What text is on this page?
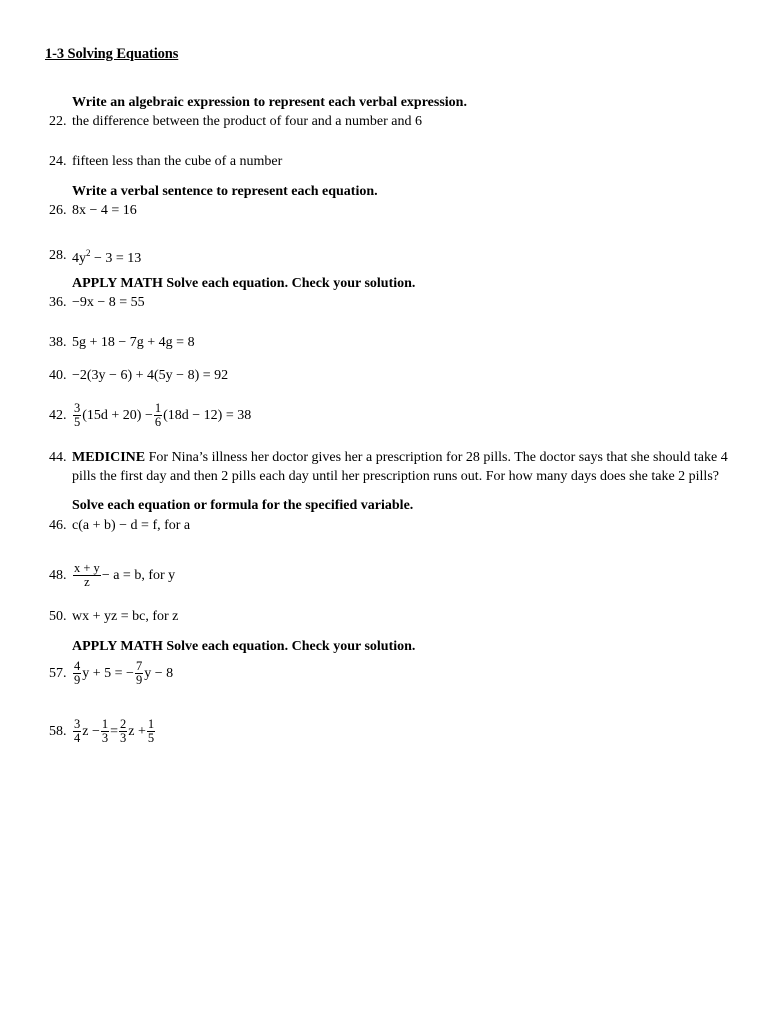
1-3 Solving Equations
Write an algebraic expression to represent each verbal expression.
22. the difference between the product of four and a number and 6
24. fifteen less than the cube of a number
Write a verbal sentence to represent each equation.
26. 8x − 4 = 16
28. $4y^2 - 3 = 13$
APPLY MATH Solve each equation. Check your solution.
36. −9x − 8 = 55
38. 5g + 18 − 7g + 4g = 8
40. −2(3y − 6) + 4(5y − 8) = 92
42. $\frac{3}{5} (15d + 20) - \frac{1}{6} (18d - 12) = 38$
44. MEDICINE For Nina’s illness her doctor gives her a prescription for 28 pills. The doctor says that she should take 4
pills the first day and then 2 pills each day until her prescription runs out. For how many days does she take 2 pills?
Solve each equation or formula for the specified variable.
46. c(a + b) − d = f, for a
48. $\frac{x + y}{z} - a = b$, for y
50. wx + yz = bc, for z
APPLY MATH Solve each equation. Check your solution.
57. $\frac{4}{9}$ y + 5 = − $\frac{7}{9}$ y − 8
58. $\frac{3}{4}$ $z - \frac{1}{3} = \frac{2}{3}$ $z + \frac{1}{5}$
